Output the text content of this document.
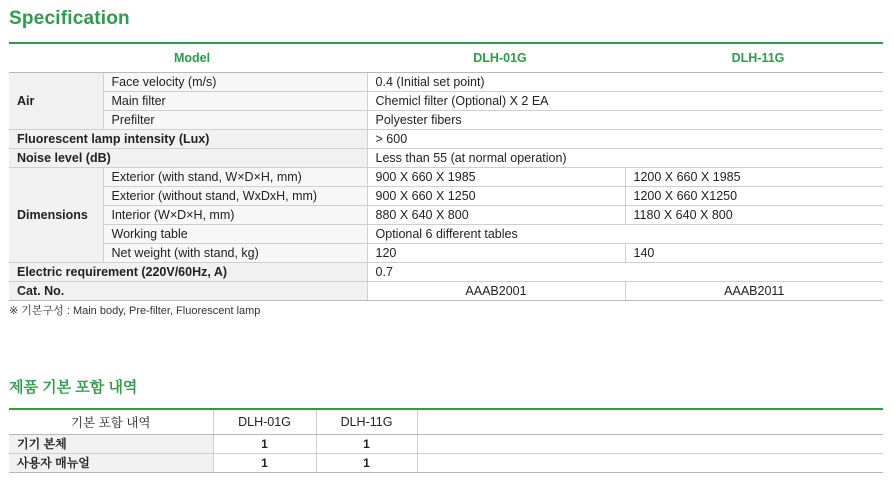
Specification
Model		DLH-01G	DLH-11G
Air	Face velocity (m/s)	0.4 (Initial set point)	
	Main filter	Chemicl filter (Optional) X 2 EA	
	Prefilter	Polyester fibers	
Fluorescent lamp intensity (Lux)		> 600	
Noise level (dB)		Less than 55 (at normal operation)	
Dimensions	Exterior (with stand, W×D×H, mm)	900 X 660 X 1985	1200 X 660 X 1985
	Exterior (without stand, WxDxH, mm)	900 X 660 X 1250	1200 X 660 X1250
	Interior (W×D×H, mm)	880 X 640 X 800	1180 X 640 X 800
	Working table	Optional 6 different tables	
	Net weight (with stand, kg)	120	140
Electric requirement (220V/60Hz, A)		0.7	
Cat. No.		AAAB2001	AAAB2011
※ 기본구성 : Main body, Pre-filter, Fluorescent lamp
제품 기본 포함 내역
기본 포함 내역	DLH-01G	DLH-11G	
기기 본체	1	1	
사용자 매뉴얼	1	1	
